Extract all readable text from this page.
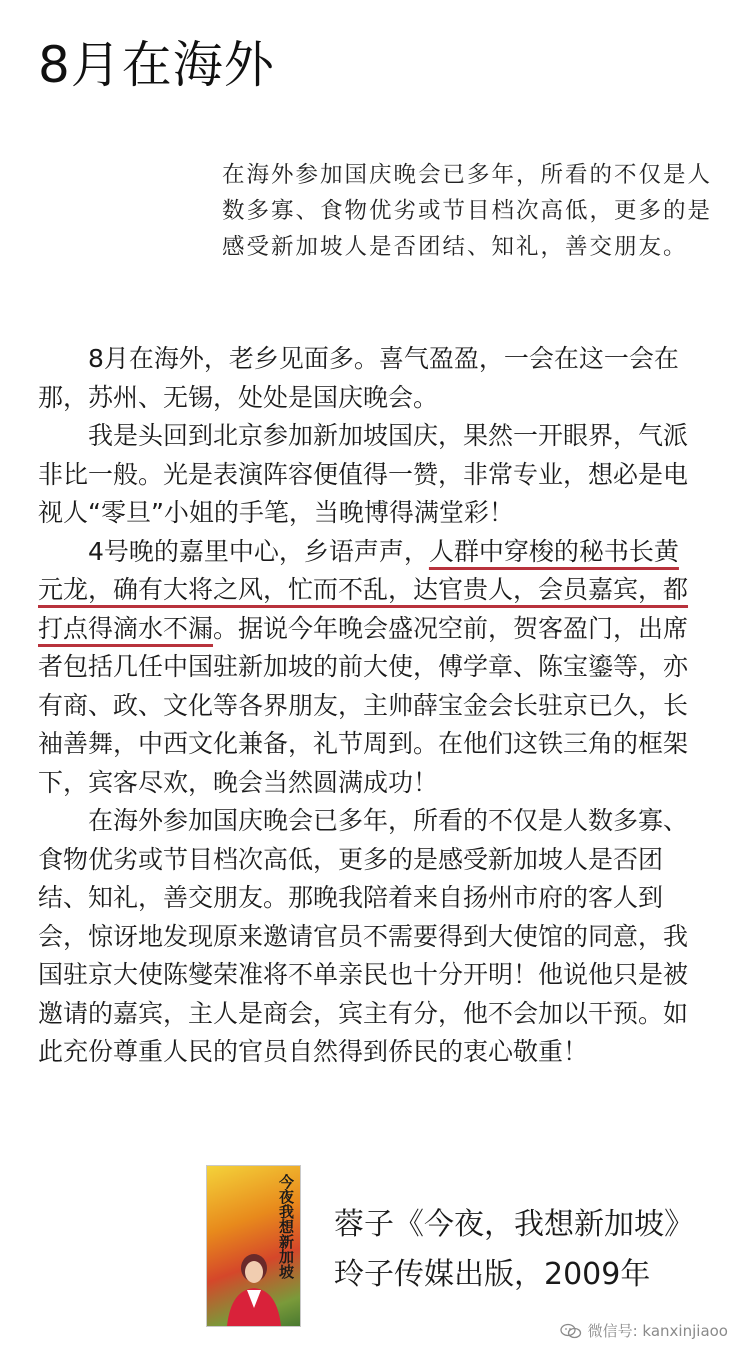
8月在海外
在海外参加国庆晚会已多年，所看的不仅是人
数多寡、食物优劣或节目档次高低，更多的是
感受新加坡人是否团结、知礼，善交朋友。
　　8月在海外，老乡见面多。喜气盈盈，一会在这一会在
那，苏州、无锡，处处是国庆晚会。
　　我是头回到北京参加新加坡国庆，果然一开眼界，气派
非比一般。光是表演阵容便值得一赞，非常专业，想必是电
视人“零旦”小姐的手笔，当晚博得满堂彩！
　　4号晚的嘉里中心，乡语声声，人群中穿梭的秘书长黄
元龙，确有大将之风，忙而不乱，达官贵人，会员嘉宾，都
打点得滴水不漏。据说今年晚会盛况空前，贺客盈门，出席
者包括几任中国驻新加坡的前大使，傅学章、陈宝鎏等，亦
有商、政、文化等各界朋友，主帅薛宝金会长驻京已久，长
袖善舞，中西文化兼备，礼节周到。在他们这铁三角的框架
下，宾客尽欢，晚会当然圆满成功！
　　在海外参加国庆晚会已多年，所看的不仅是人数多寡、
食物优劣或节目档次高低，更多的是感受新加坡人是否团
结、知礼，善交朋友。那晚我陪着来自扬州市府的客人到
会，惊讶地发现原来邀请官员不需要得到大使馆的同意，我
国驻京大使陈燮荣准将不单亲民也十分开明！他说他只是被
邀请的嘉宾，主人是商会，宾主有分，他不会加以干预。如
此充份尊重人民的官员自然得到侨民的衷心敬重！
今夜我想新加坡 蓉子《今夜，我想新加坡》
玲子传媒出版，2009年
微信号: kanxinjiaoo
